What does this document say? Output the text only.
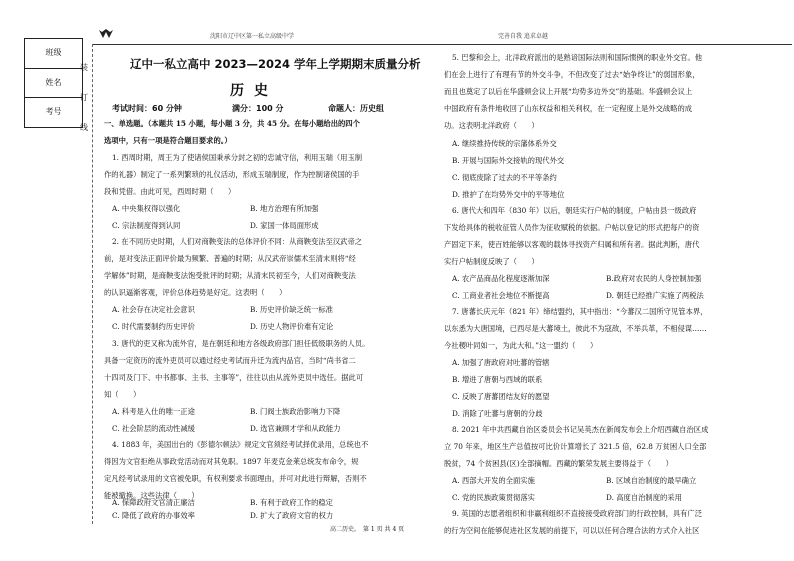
沈阳市辽中区第一私立高级中学	完善自我 追求卓越
班级
姓名
考号
装
订
线
辽中一私立高中 2023—2024 学年上学期期末质量分析
历史
考试时间：60 分钟	满分：100 分	命题人：历史组
一、单选题。（本题共 15 小题，每小题 3 分，共 45 分。在每小题给出的四个
选项中，只有一项是符合题目要求的。）
1. 西周时期，周王为了使诸侯国秉承分封之初的忠诚守信，利用玉瑞（用玉制
作的礼器）制定了一系列繁琐的礼仪活动，形成玉瑞制度，作为控制诸侯国的手
段和凭借。由此可见，西周时期（　　）
A. 中央集权得以强化	B. 地方治理有所加强
C. 宗法制度得到认同	D. 家国一体局面形成
2. 在不同历史时期，人们对商鞅变法的总体评价不同：从商鞅变法至汉武帝之
前，是对变法正面评价最为频繁、普遍的时期；从汉武帝崇儒术至清末则将“经
学解体”时期，是商鞅变法饱受批评的时期；从清末民初至今，人们对商鞅变法
的认识逼渐客观，评价总体趋势是好定。这表明（　　）
A. 社会存在决定社会意识	B. 历史评价缺乏统一标准
C. 时代需要制约历史评价	D. 历史人物评价难有定论
3. 唐代的吏又称为流外官，是在朝廷和地方各级政府部门担任低级职务的人员。
具备一定资历的流外吏员可以通过经史考试而升迁为流内品官，当时“尚书省二
十四司及门下、中书都事、主书、主事等”，往往以由从流外吏员中选任。据此可
知（　　）
A. 科考是入仕的唯一正途	B. 门阀士族政治影响力下降
C. 社会阶层的流动性减缓	D. 选官兼顾才学和从政能力
4. 1883 年，美国出台的《彭德尔顿法》规定文官须经考试择优录用，总统也不
得因为文官拒绝从事政党活动而对其免职。1897 年麦克金莱总统发布命令，规
定凡经考试录用的文官被免职，有权利要求书面理由，并可对此进行辩解，否则不
能被撤换。这些法律（　　）
A. 保障政府文官清正廉洁	B. 有利于政府工作的稳定
C. 降低了政府的办事效率	D. 扩大了政府文官的权力
5. 巴黎和会上，北洋政府派出的是熟谙国际法则和国际惯例的职业外交官。他
们在会上进行了有理有节的外交斗争，不但改变了过去“始争终让”的弱国形象，
而且也奠定了以后在华盛顿会议上开展“均势多边外交”的基础。华盛顿会议上
中国政府有条件地收回了山东权益和相关利权，在一定程度上是外交战略的成
功。这表明北洋政府（　　）
A. 继续推持传统的宗藩体系外交
B. 开展与国际外交接轨的现代外交
C. 彻底废除了过去的不平等条约
D. 推护了在均势外交中的平等地位
6. 唐代大和四年（830 年）以后，朝廷实行户帖的制度，户帖由县一级政府
下发给具体的税收征管人员作为征收赋税的依据。户帖以登记的形式把每户的资
产固定下来，使百姓能够以客观的载体寻找资产归属和所有者。据此判断，唐代
实行户帖制度反映了（　　）
A. 农产品商品化程度逐渐加深	B.政府对农民的人身控制加强
C. 工商业者社会地位不断提高	D. 朝廷已经推广实施了两税法
7. 唐蕃长庆元年（821 年）缔结盟约，其中指出：“今蕃汉二国所守见管本界，
以东悉为大唐国境，已西尽是大蕃境土，彼此不为寇敌，不举兵革，不相侵谋……
今社稷叶同如一，为此大和。”这一盟约（　　）
A. 加强了唐政府对吐蕃的管辖
B. 增进了唐朝与西域的联系
C. 反映了唐蕃团结友好的愿望
D. 消除了吐蕃与唐朝的分歧
8. 2021 年中共西藏自治区委员会书记吴英杰在新闻发布会上介绍西藏自治区成
立 70 年来，地区生产总值按可比价计算增长了 321.5 倍，62.8 万贫困人口全部
脱贫，74 个贫困县(区)全部摘帽。西藏的繁荣发展主要得益于（　　）
A. 西部大开发的全面实施	B. 区域自治制度的最早确立
C. 党的民族政策贯彻落实	D. 高度自治制度的采用
9. 英国的志愿者组织和非赢利组织不直接接受政府部门的行政控制，具有广泛
的行为空间在能够促进社区发展的前提下，可以以任何合理合法的方式介入社区
高二历史。　第 1 页 共 4 页
